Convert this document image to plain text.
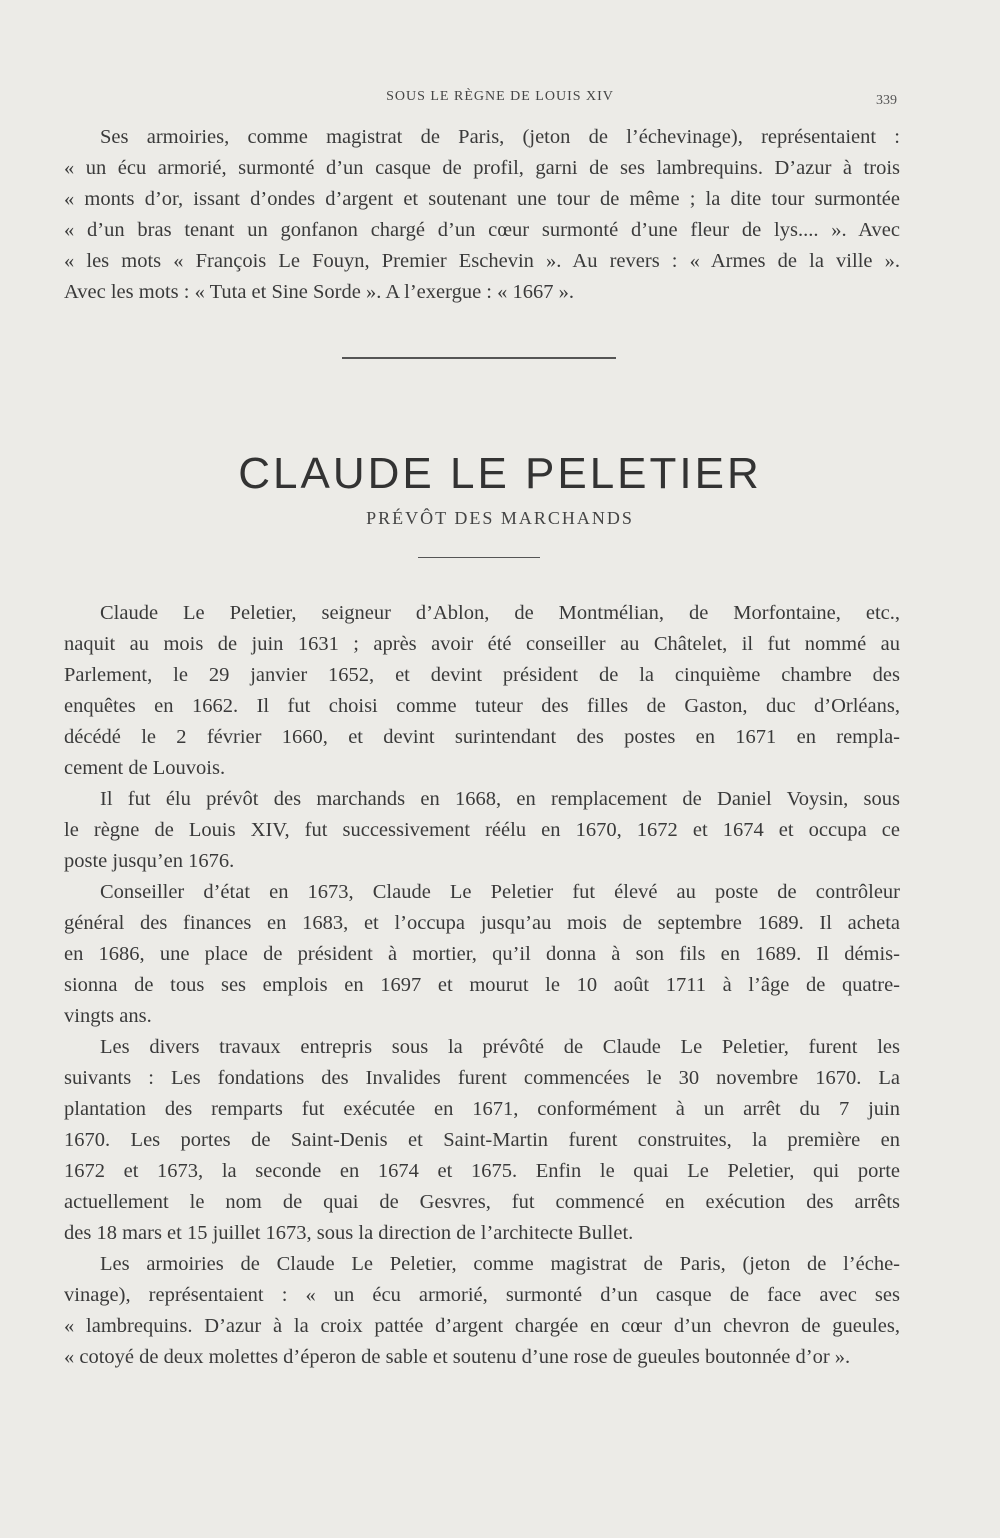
SOUS LE RÈGNE DE LOUIS XIV	339
Ses armoiries, comme magistrat de Paris, (jeton de l’échevinage), représentaient :
« un écu armorié, surmonté d’un casque de profil, garni de ses lambrequins. D’azur à trois
« monts d’or, issant d’ondes d’argent et soutenant une tour de même ; la dite tour surmontée
« d’un bras tenant un gonfanon chargé d’un cœur surmonté d’une fleur de lys.... ». Avec
« les mots « François Le Fouyn, Premier Eschevin ». Au revers : « Armes de la ville ».
Avec les mots : « Tuta et Sine Sorde ». A l’exergue : « 1667 ».
CLAUDE LE PELETIER
PRÉVÔT DES MARCHANDS
Claude Le Peletier, seigneur d’Ablon, de Montmélian, de Morfontaine, etc.,
naquit au mois de juin 1631 ; après avoir été conseiller au Châtelet, il fut nommé au
Parlement, le 29 janvier 1652, et devint président de la cinquième chambre des
enquêtes en 1662. Il fut choisi comme tuteur des filles de Gaston, duc d’Orléans,
décédé le 2 février 1660, et devint surintendant des postes en 1671 en rempla-
cement de Louvois.
Il fut élu prévôt des marchands en 1668, en remplacement de Daniel Voysin, sous
le règne de Louis XIV, fut successivement réélu en 1670, 1672 et 1674 et occupa ce
poste jusqu’en 1676.
Conseiller d’état en 1673, Claude Le Peletier fut élevé au poste de contrôleur
général des finances en 1683, et l’occupa jusqu’au mois de septembre 1689. Il acheta
en 1686, une place de président à mortier, qu’il donna à son fils en 1689. Il démis-
sionna de tous ses emplois en 1697 et mourut le 10 août 1711 à l’âge de quatre-
vingts ans.
Les divers travaux entrepris sous la prévôté de Claude Le Peletier, furent les
suivants : Les fondations des Invalides furent commencées le 30 novembre 1670. La
plantation des remparts fut exécutée en 1671, conformément à un arrêt du 7 juin
1670. Les portes de Saint-Denis et Saint-Martin furent construites, la première en
1672 et 1673, la seconde en 1674 et 1675. Enfin le quai Le Peletier, qui porte
actuellement le nom de quai de Gesvres, fut commencé en exécution des arrêts
des 18 mars et 15 juillet 1673, sous la direction de l’architecte Bullet.
Les armoiries de Claude Le Peletier, comme magistrat de Paris, (jeton de l’éche-
vinage), représentaient : « un écu armorié, surmonté d’un casque de face avec ses
« lambrequins. D’azur à la croix pattée d’argent chargée en cœur d’un chevron de gueules,
« cotoyé de deux molettes d’éperon de sable et soutenu d’une rose de gueules boutonnée d’or ».
